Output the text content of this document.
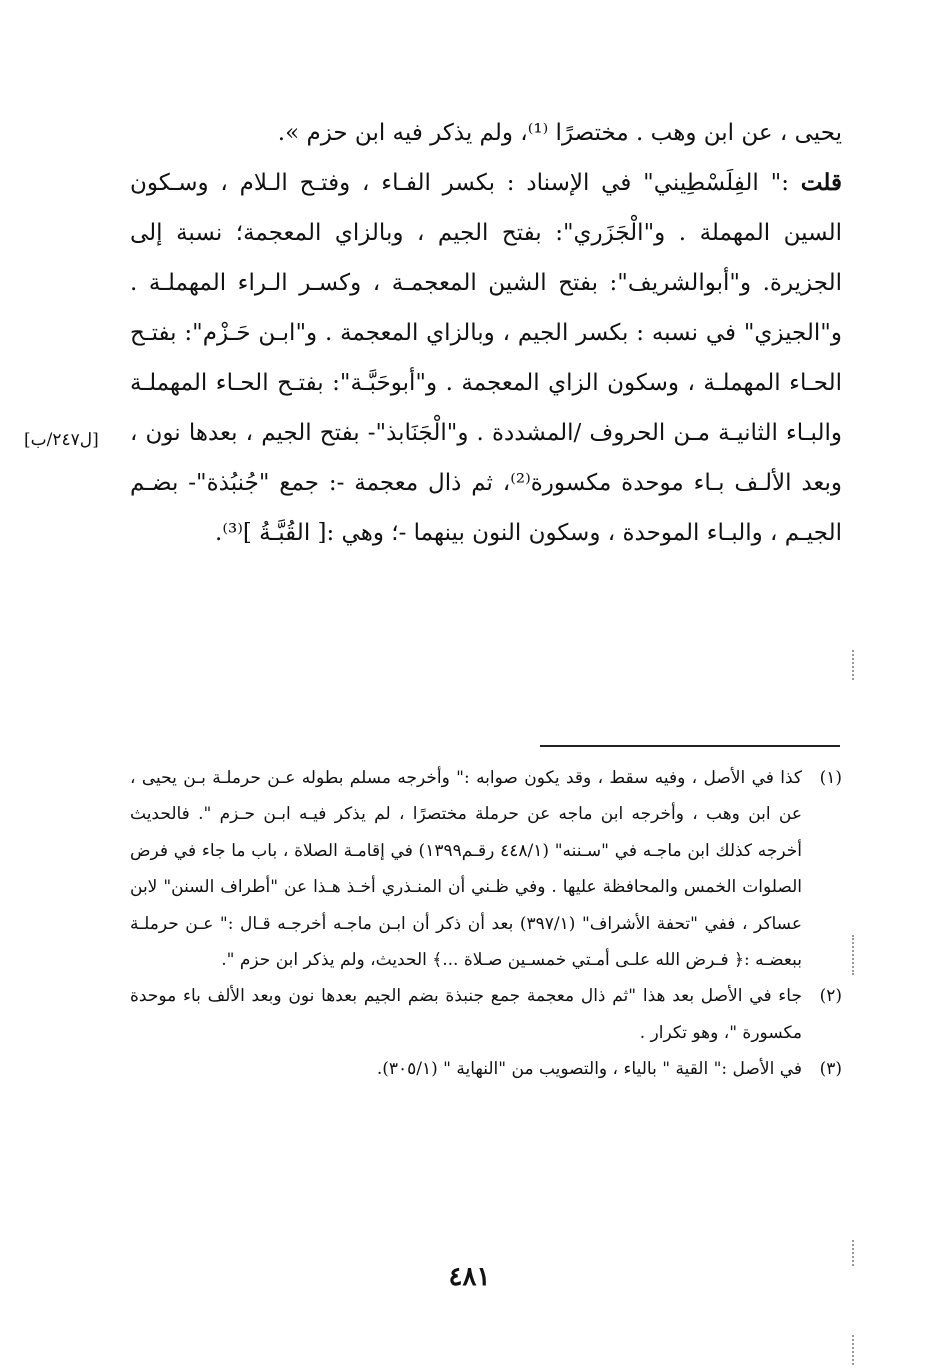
يحيى ، عن ابن وهب . مختصرًا ⁽¹⁾، ولم يذكر فيه ابن حزم ».

قلت :" الفِلَسْطِيني" في الإسناد : بكسر الفـاء ، وفتـح الـلام ، وسـكون السين المهملة . و"الْجَزَري": بفتح الجيم ، وبالزاي المعجمة؛ نسبة إلى الجزيرة. و"أبوالشريف": بفتح الشين المعجمـة ، وكسـر الـراء المهملـة . و"الجيزي" في نسبه : بكسر الجيم ، وبالزاي المعجمة . و"ابـن حَـزْم": بفتـح الحـاء المهملـة ، وسكون الزاي المعجمة . و"أبوحَبَّـة": بفتـح الحـاء المهملـة والبـاء الثانيـة مـن الحروف /المشددة . و"الْجَنَابذ"- بفتح الجيم ، بعدها نون ، وبعد الألـف بـاء موحدة مكسورة⁽²⁾، ثم ذال معجمة -: جمع "جُنبُذة"- بضـم الجيـم ، والبـاء الموحدة ، وسكون النون بينهما -؛ وهي :[ القُبَّـةُ ]⁽³⁾.

[ل٢٤٧/ب]

(١)كذا في الأصل ، وفيه سقط ، وقد يكون صوابه :" وأخرجه مسلم بطوله عـن حرملـة بـن يحيى ، عن ابن وهب ، وأخرجه ابن ماجه عن حرملة مختصرًا ، لم يذكر فيـه ابـن حـزم ". فالحديث أخرجه كذلك ابن ماجـه في "سـننه" (٤٤٨/١ رقـم١٣٩٩) في إقامـة الصلاة ، باب ما جاء في فرض الصلوات الخمس والمحافظة عليها . وفي ظـني أن المنـذري أخـذ هـذا عن "أطراف السنن" لابن عساكر ، ففي "تحفة الأشراف" (٣٩٧/١) بعد أن ذكر أن ابـن ماجـه أخرجـه قـال :" عـن حرملـة ببعضـه :﴿ فـرض الله علـى أمـتي خمسـين صـلاة ...﴾ الحديث، ولم يذكر ابن حزم ".

(٢)جاء في الأصل بعد هذا "ثم ذال معجمة جمع جنبذة بضم الجيم بعدها نون وبعد الألف باء موحدة مكسورة "، وهو تكرار .

(٣)في الأصل :" القية " بالياء ، والتصويب من "النهاية " (٣٠٥/١).

٤٨١
